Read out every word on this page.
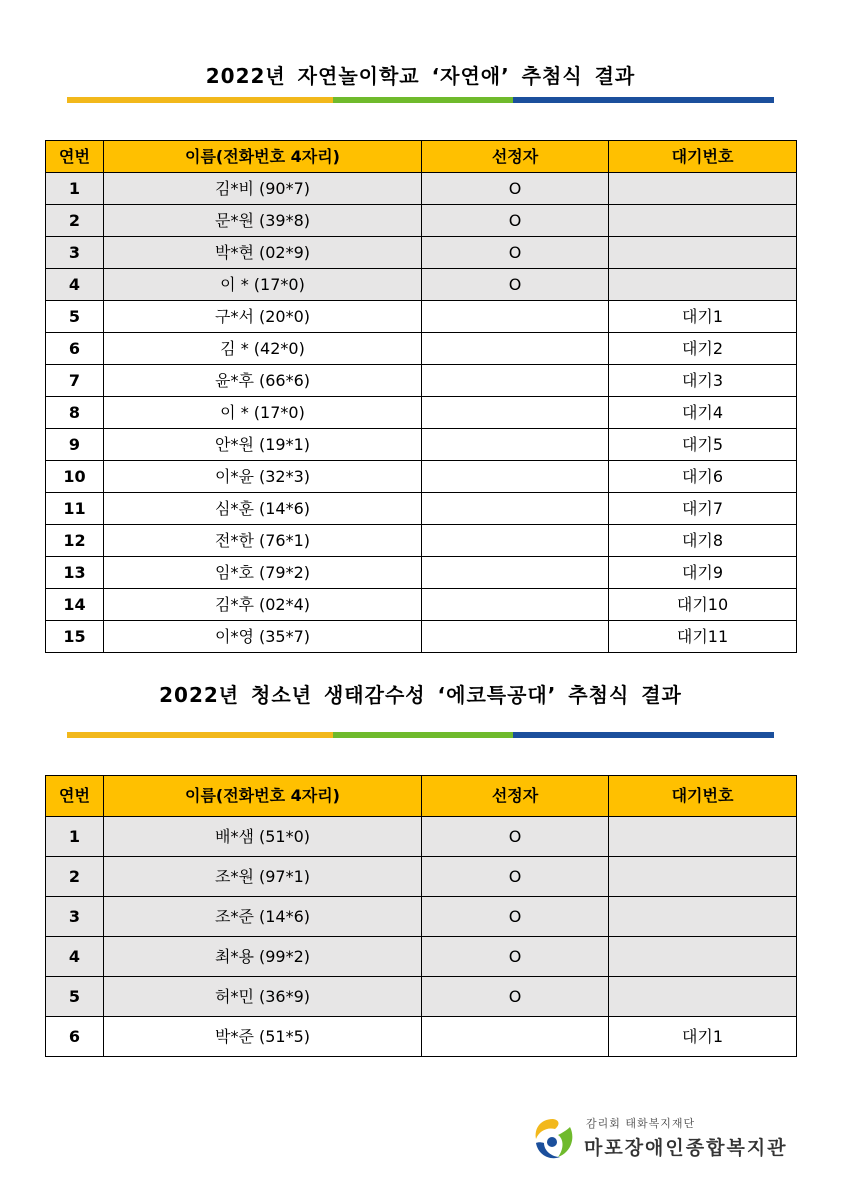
2022년 자연놀이학교 ‘자연애’ 추첨식 결과
연번	이름(전화번호 4자리)	선정자	대기번호
1	김*비 (90*7)	O	
2	문*원 (39*8)	O	
3	박*현 (02*9)	O	
4	이 * (17*0)	O	
5	구*서 (20*0)		대기1
6	김 * (42*0)		대기2
7	윤*후 (66*6)		대기3
8	이 * (17*0)		대기4
9	안*원 (19*1)		대기5
10	이*윤 (32*3)		대기6
11	심*훈 (14*6)		대기7
12	전*한 (76*1)		대기8
13	임*호 (79*2)		대기9
14	김*후 (02*4)		대기10
15	이*영 (35*7)		대기11
2022년 청소년 생태감수성 ‘에코특공대’ 추첨식 결과
연번	이름(전화번호 4자리)	선정자	대기번호
1	배*샘 (51*0)	O	
2	조*원 (97*1)	O	
3	조*준 (14*6)	O	
4	최*용 (99*2)	O	
5	허*민 (36*9)	O	
6	박*준 (51*5)		대기1
감리회 태화복지재단
마포장애인종합복지관
